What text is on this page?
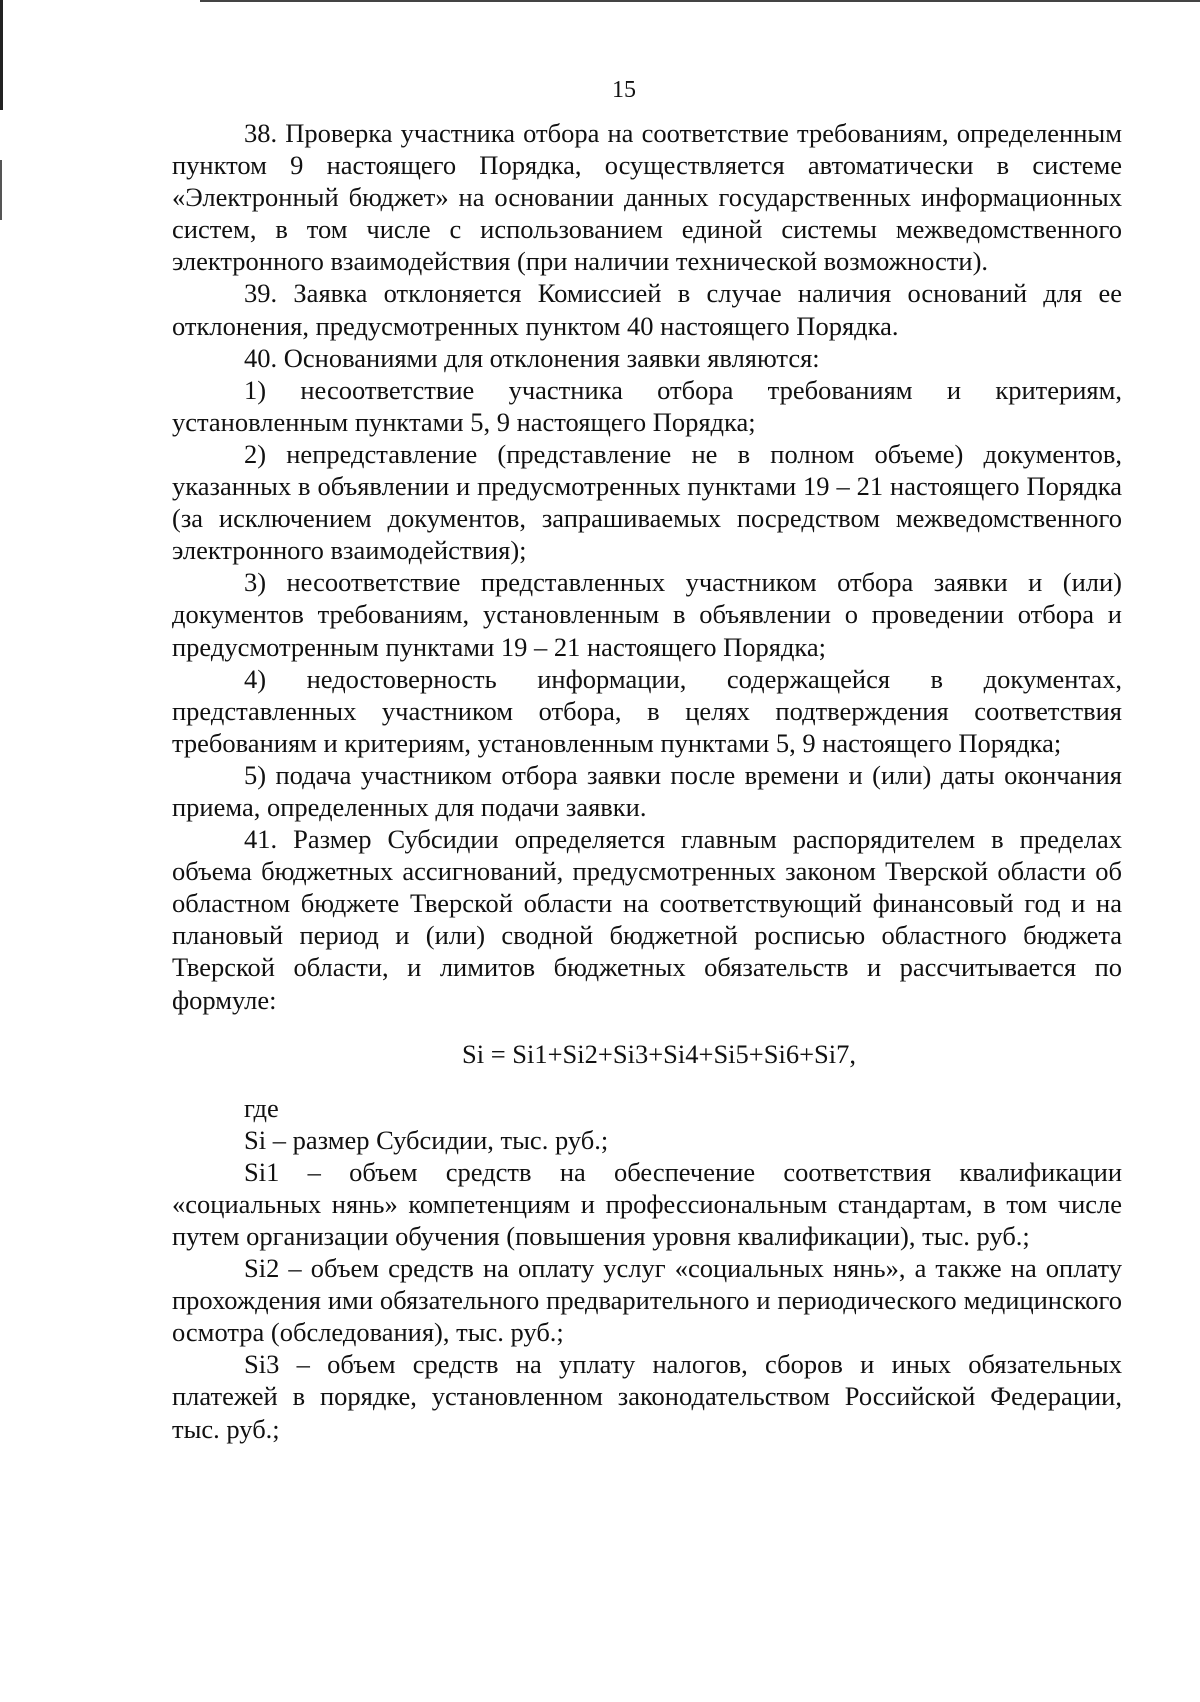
15

38. Проверка участника отбора на соответствие требованиям, определенным пунктом 9 настоящего Порядка, осуществляется автоматически в системе «Электронный бюджет» на основании данных государственных информационных систем, в том числе с использованием единой системы межведомственного электронного взаимодействия (при наличии технической возможности).

39. Заявка отклоняется Комиссией в случае наличия оснований для ее отклонения, предусмотренных пунктом 40 настоящего Порядка.

40. Основаниями для отклонения заявки являются:

1) несоответствие участника отбора требованиям и критериям, установленным пунктами 5, 9 настоящего Порядка;

2) непредставление (представление не в полном объеме) документов, указанных в объявлении и предусмотренных пунктами 19 – 21 настоящего Порядка (за исключением документов, запрашиваемых посредством межведомственного электронного взаимодействия);

3) несоответствие представленных участником отбора заявки и (или) документов требованиям, установленным в объявлении о проведении отбора и предусмотренным пунктами 19 – 21 настоящего Порядка;

4) недостоверность информации, содержащейся в документах, представленных участником отбора, в целях подтверждения соответствия требованиям и критериям, установленным пунктами 5, 9 настоящего Порядка;

5) подача участником отбора заявки после времени и (или) даты окончания приема, определенных для подачи заявки.

41. Размер Субсидии определяется главным распорядителем в пределах объема бюджетных ассигнований, предусмотренных законом Тверской области об областном бюджете Тверской области на соответствующий финансовый год и на плановый период и (или) сводной бюджетной росписью областного бюджета Тверской области, и лимитов бюджетных обязательств и рассчитывается по формуле:

Si = Si1+Si2+Si3+Si4+Si5+Si6+Si7,

где

Si – размер Субсидии, тыс. руб.;

Si1 – объем средств на обеспечение соответствия квалификации «социальных нянь» компетенциям и профессиональным стандартам, в том числе путем организации обучения (повышения уровня квалификации), тыс. руб.;

Si2 – объем средств на оплату услуг «социальных нянь», а также на оплату прохождения ими обязательного предварительного и периодического медицинского осмотра (обследования), тыс. руб.;

Si3 – объем средств на уплату налогов, сборов и иных обязательных платежей в порядке, установленном законодательством Российской Федерации, тыс. руб.;
